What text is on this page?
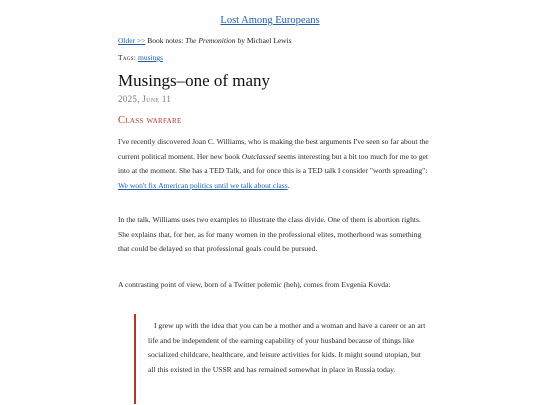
Lost Among Europeans
Older >> Book notes: The Premonition by Michael Lewis
Tags: musings
Musings–one of many
2025, June 11
Class warfare

I've recently discovered Joan C. Williams, who is making the best arguments I've seen so far about the current political moment. Her new book Outclassed seems interesting but a bit too much for me to get into at the moment. She has a TED Talk, and for once this is a TED talk I consider "worth spreading": We won't fix American politics until we talk about class.

In the talk, Williams uses two examples to illustrate the class divide. One of them is abortion rights. She explains that, for her, as for many women in the professional elites, motherhood was something that could be delayed so that professional goals could be pursued.

A contrasting point of view, born of a Twitter polemic (heh), comes from Evgenia Kovda:

I grew up with the idea that you can be a mother and a woman and have a career or an art life and be independent of the earning capability of your husband because of things like socialized childcare, healthcare, and leisure activities for kids. It might sound utopian, but all this existed in the USSR and has remained somewhat in place in Russia today.
